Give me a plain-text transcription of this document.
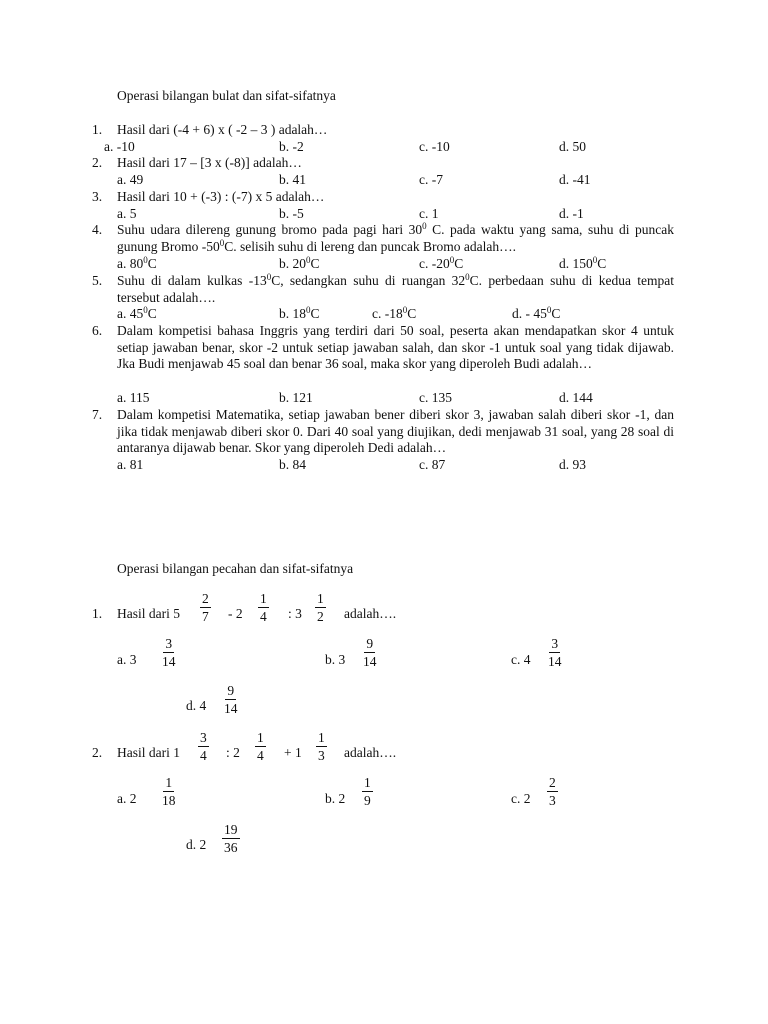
Operasi bilangan bulat dan sifat-sifatnya
1. Hasil dari (-4 + 6) x ( -2 – 3 ) adalah…
a. -10	b. -2	c. -10	d. 50
2. Hasil dari 17 – [3 x (-8)] adalah…
a. 49	b. 41	c. -7	d. -41
3. Hasil dari 10 + (-3) : (-7) x 5 adalah…
a. 5	b. -5	c. 1	d. -1
4. Suhu udara dilereng gunung bromo pada pagi hari $30^0$ C. pada waktu yang sama, suhu di puncak gunung Bromo $-50^0C$. selisih suhu di lereng dan puncak Bromo adalah….
a. $80^0C$	b. $20^0C$	c. $-20^0C$	d. $150^0C$
5. Suhu di dalam kulkas $-13^0C$, sedangkan suhu di ruangan $32^0C$. perbedaan suhu di kedua tempat tersebut adalah….
a. $45^0C$	b. $18^0C$	c. $-18^0C$	d. - $45^0C$
6. Dalam kompetisi bahasa Inggris yang terdiri dari 50 soal, peserta akan mendapatkan skor 4 untuk setiap jawaban benar, skor -2 untuk setiap jawaban salah, dan skor -1 untuk soal yang tidak dijawab. Jka Budi menjawab 45 soal dan benar 36 soal, maka skor yang diperoleh Budi adalah…
a. 115	b. 121	c. 135	d. 144
7. Dalam kompetisi Matematika, setiap jawaban bener diberi skor 3, jawaban salah diberi skor -1, dan jika tidak menjawab diberi skor 0. Dari 40 soal yang diujikan, dedi menjawab 31 soal, yang 28 soal di antaranya dijawab benar. Skor yang diperoleh Dedi adalah…
a. 81	b. 84	c. 87	d. 93
Operasi bilangan pecahan dan sifat-sifatnya
1. Hasil dari $5 \frac{2}{7} - 2 \frac{1}{4}$ : $3 \frac{1}{2}$ adalah….
a. $3 \frac{3}{14}$	b. $3 \frac{9}{14}$	c. $4 \frac{3}{14}$
d. $4 \frac{9}{14}$
2. Hasil dari $1 \frac{3}{4}$ : $2 \frac{1}{4} + 1 \frac{1}{3}$ adalah….
a. $2 \frac{1}{18}$	b. $2 \frac{1}{9}$	c. $2 \frac{2}{3}$
d. $2 \frac{19}{36}$
